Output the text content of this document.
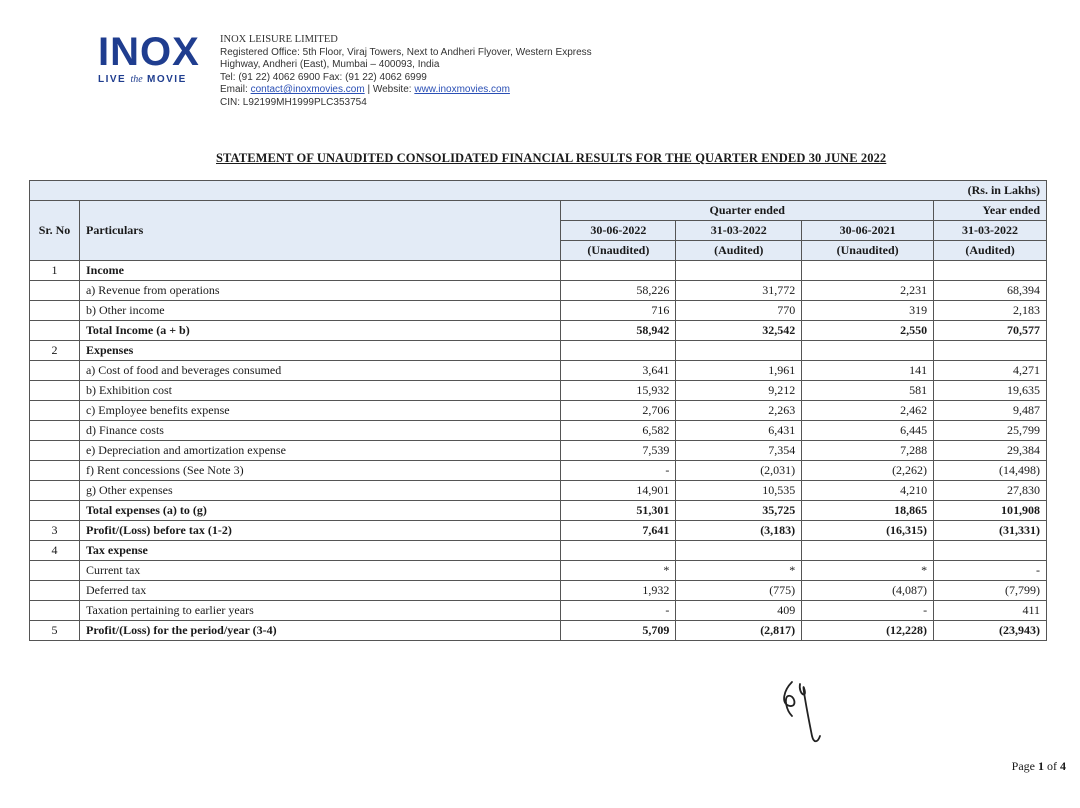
INOX
LIVE the MOVIE
INOX LEISURE LIMITED
Registered Office: 5th Floor, Viraj Towers, Next to Andheri Flyover, Western Express
Highway, Andheri (East), Mumbai – 400093, India
Tel: (91 22) 4062 6900 Fax: (91 22) 4062 6999
Email: contact@inoxmovies.com | Website: www.inoxmovies.com
CIN: L92199MH1999PLC353754
STATEMENT OF UNAUDITED CONSOLIDATED FINANCIAL RESULTS FOR THE QUARTER ENDED 30 JUNE 2022
(Rs. in Lakhs)					
Sr. No	Particulars	Quarter ended			Year ended
		30-06-2022	31-03-2022	30-06-2021	31-03-2022
		(Unaudited)	(Audited)	(Unaudited)	(Audited)
1	Income				
	a) Revenue from operations	58,226	31,772	2,231	68,394
	b) Other income	716	770	319	2,183
	Total Income (a + b)	58,942	32,542	2,550	70,577
2	Expenses				
	a) Cost of food and beverages consumed	3,641	1,961	141	4,271
	b) Exhibition cost	15,932	9,212	581	19,635
	c) Employee benefits expense	2,706	2,263	2,462	9,487
	d) Finance costs	6,582	6,431	6,445	25,799
	e) Depreciation and amortization expense	7,539	7,354	7,288	29,384
	f) Rent concessions (See Note 3)	-	(2,031)	(2,262)	(14,498)
	g) Other expenses	14,901	10,535	4,210	27,830
	Total expenses (a) to (g)	51,301	35,725	18,865	101,908
3	Profit/(Loss) before tax (1-2)	7,641	(3,183)	(16,315)	(31,331)
4	Tax expense				
	Current tax	*	*	*	-
	Deferred tax	1,932	(775)	(4,087)	(7,799)
	Taxation pertaining to earlier years	-	409	-	411
5	Profit/(Loss) for the period/year (3-4)	5,709	(2,817)	(12,228)	(23,943)
Page 1 of 4
